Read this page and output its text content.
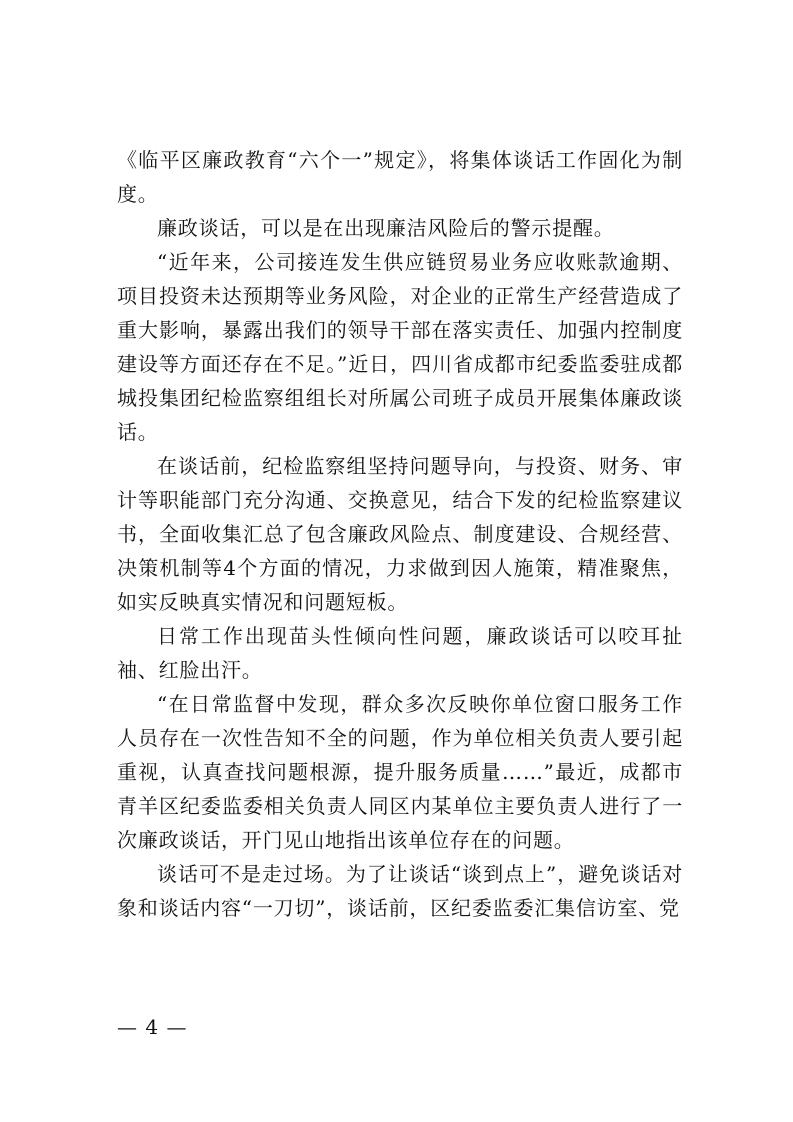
《临平区廉政教育“六个一”规定》，将集体谈话工作固化为制度。

廉政谈话，可以是在出现廉洁风险后的警示提醒。

“近年来，公司接连发生供应链贸易业务应收账款逾期、项目投资未达预期等业务风险，对企业的正常生产经营造成了重大影响，暴露出我们的领导干部在落实责任、加强内控制度建设等方面还存在不足。”近日，四川省成都市纪委监委驻成都城投集团纪检监察组组长对所属公司班子成员开展集体廉政谈话。

在谈话前，纪检监察组坚持问题导向，与投资、财务、审计等职能部门充分沟通、交换意见，结合下发的纪检监察建议书，全面收集汇总了包含廉政风险点、制度建设、合规经营、决策机制等4个方面的情况，力求做到因人施策，精准聚焦，如实反映真实情况和问题短板。

日常工作出现苗头性倾向性问题，廉政谈话可以咬耳扯袖、红脸出汗。

“在日常监督中发现，群众多次反映你单位窗口服务工作人员存在一次性告知不全的问题，作为单位相关负责人要引起重视，认真查找问题根源，提升服务质量……”最近，成都市青羊区纪委监委相关负责人同区内某单位主要负责人进行了一次廉政谈话，开门见山地指出该单位存在的问题。

谈话可不是走过场。为了让谈话“谈到点上”，避免谈话对象和谈话内容“一刀切”，谈话前，区纪委监委汇集信访室、党

— 4 —
